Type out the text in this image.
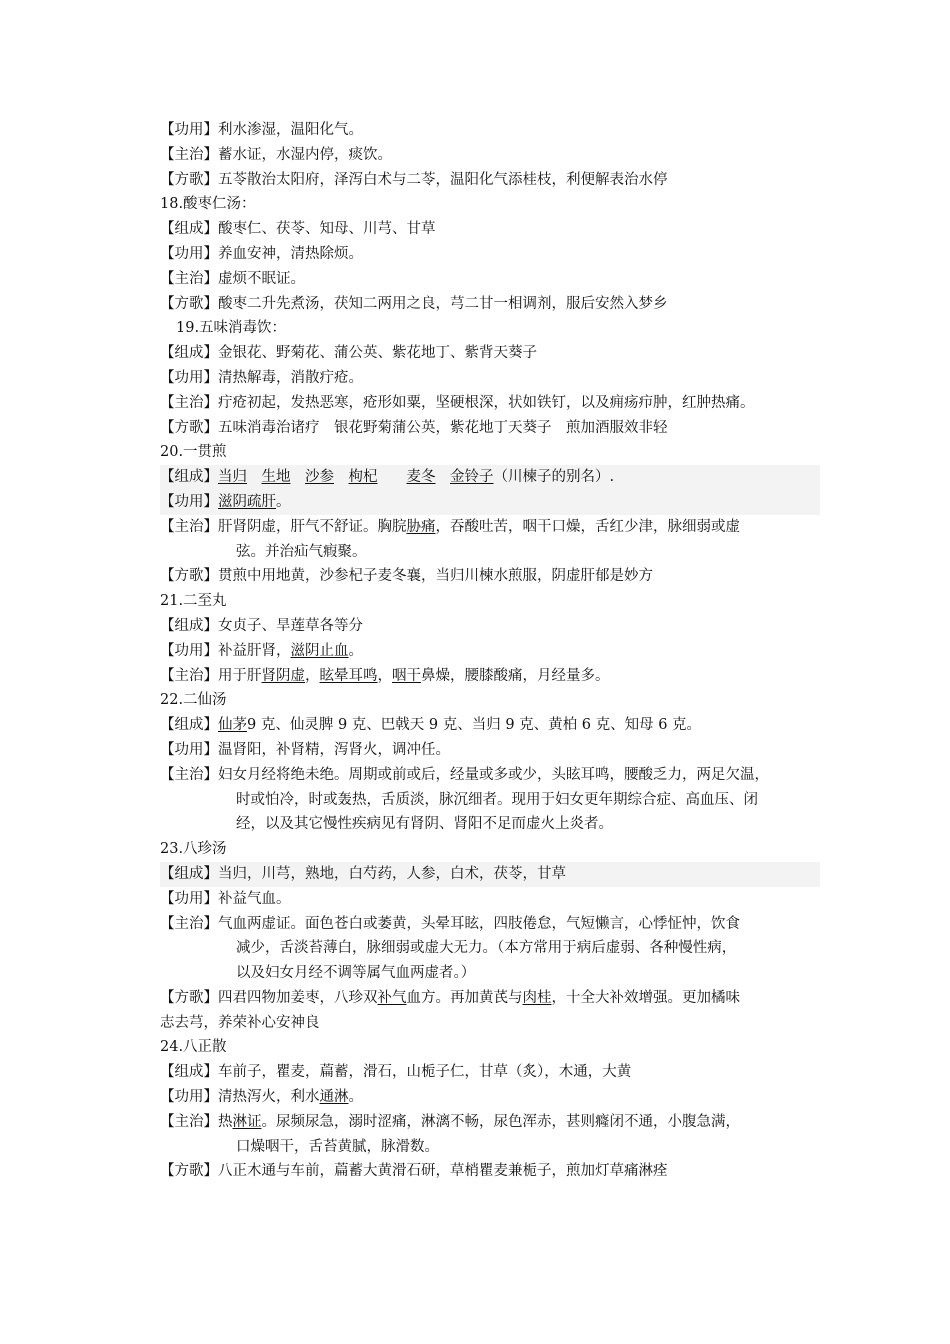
【功用】利水渗湿，温阳化气。
【主治】蓄水证，水湿内停，痰饮。
【方歌】五苓散治太阳府，泽泻白术与二苓，温阳化气添桂枝，利便解表治水停
18.酸枣仁汤：
【组成】酸枣仁、茯苓、知母、川芎、甘草
【功用】养血安神，清热除烦。
【主治】虚烦不眠证。
【方歌】酸枣二升先煮汤，茯知二两用之良，芎二甘一相调剂，服后安然入梦乡
19.五味消毒饮：
【组成】金银花、野菊花、蒲公英、紫花地丁、紫背天葵子
【功用】清热解毒，消散疔疮。
【主治】疔疮初起，发热恶寒，疮形如粟，坚硬根深，状如铁钉，以及痈疡疖肿，红肿热痛。
【方歌】五味消毒治诸疗　银花野菊蒲公英，紫花地丁天葵子　煎加酒服效非轻
20.一贯煎
【组成】当归　 生地　 沙参　 枸杞　　 麦冬　 金铃子（川楝子的别名）.
【功用】滋阴疏肝。
【主治】肝肾阴虚，肝气不舒证。胸脘胁痛，吞酸吐苦，咽干口燥，舌红少津，脉细弱或虚
弦。并治疝气瘕聚。
【方歌】贯煎中用地黄，沙参杞子麦冬襄，当归川楝水煎服，阴虚肝郁是妙方
21.二至丸
【组成】女贞子、旱莲草各等分
【功用】补益肝肾，滋阴止血。
【主治】用于肝肾阴虚，眩晕耳鸣，咽干鼻燥，腰膝酸痛，月经量多。
22.二仙汤
【组成】仙茅9 克、仙灵脾 9 克、巴戟天 9 克、当归 9 克、黄柏 6 克、知母 6 克。
【功用】温肾阳，补肾精，泻肾火，调冲任。
【主治】妇女月经将绝未绝。周期或前或后，经量或多或少，头眩耳鸣，腰酸乏力，两足欠温，
时或怕冷，时或轰热，舌质淡，脉沉细者。现用于妇女更年期综合症、高血压、闭
经，以及其它慢性疾病见有肾阴、肾阳不足而虚火上炎者。
23.八珍汤
【组成】当归，川芎，熟地，白芍药，人参，白术，茯苓，甘草
【功用】补益气血。
【主治】气血两虚证。面色苍白或萎黄，头晕耳眩，四肢倦怠，气短懒言，心悸怔忡，饮食
减少，舌淡苔薄白，脉细弱或虚大无力。（本方常用于病后虚弱、各种慢性病，
以及妇女月经不调等属气血两虚者。）
【方歌】四君四物加姜枣，八珍双补气血方。再加黄芪与肉桂，十全大补效增强。更加橘味
志去芎，养荣补心安神良
24.八正散
【组成】车前子，瞿麦，萹蓄，滑石，山栀子仁，甘草（炙），木通，大黄
【功用】清热泻火，利水通淋。
【主治】热淋证。尿频尿急，溺时涩痛，淋漓不畅，尿色浑赤，甚则癃闭不通，小腹急满，
口燥咽干，舌苔黄腻，脉滑数。
【方歌】八正木通与车前，萹蓄大黄滑石研，草梢瞿麦兼栀子，煎加灯草痛淋痊
